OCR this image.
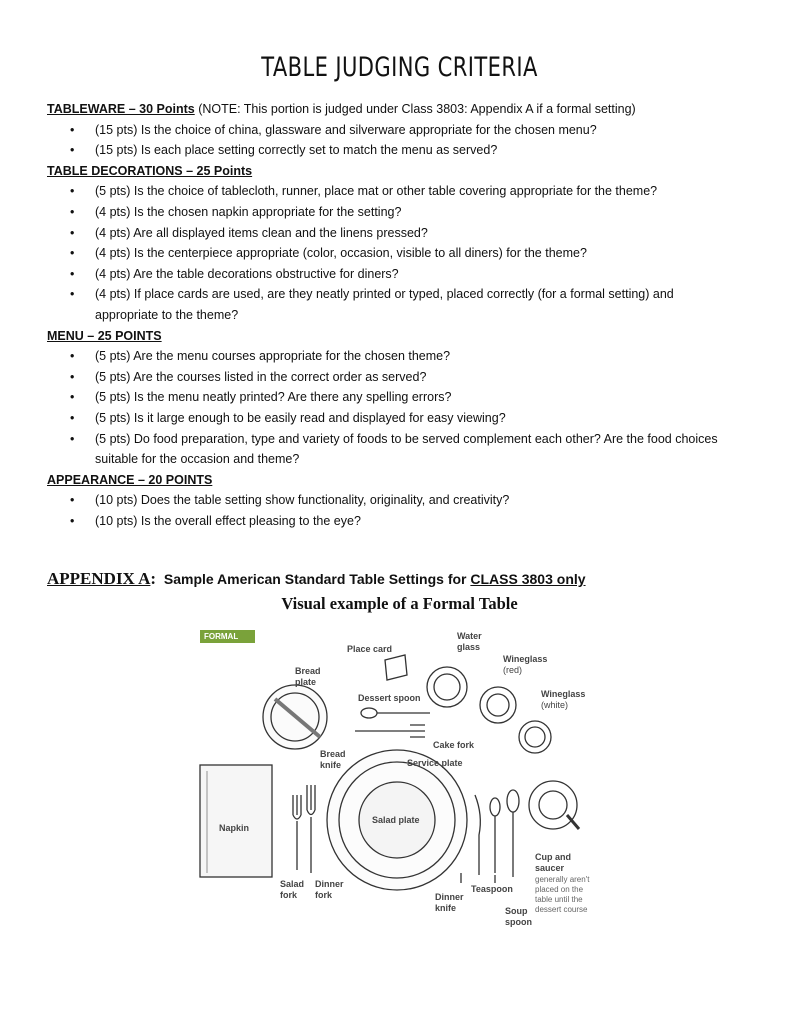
TABLE JUDGING CRITERIA

TABLEWARE – 30 Points (NOTE: This portion is judged under Class 3803: Appendix A if a formal setting)

• (15 pts) Is the choice of china, glassware and silverware appropriate for the chosen menu?
• (15 pts) Is each place setting correctly set to match the menu as served?

TABLE DECORATIONS – 25 Points

• (5 pts) Is the choice of tablecloth, runner, place mat or other table covering appropriate for the theme?
• (4 pts) Is the chosen napkin appropriate for the setting?
• (4 pts) Are all displayed items clean and the linens pressed?
• (4 pts) Is the centerpiece appropriate (color, occasion, visible to all diners) for the theme?
• (4 pts) Are the table decorations obstructive for diners?
• (4 pts) If place cards are used, are they neatly printed or typed, placed correctly (for a formal setting) and appropriate to the theme?

MENU – 25 POINTS

• (5 pts) Are the menu courses appropriate for the chosen theme?
• (5 pts) Are the courses listed in the correct order as served?
• (5 pts) Is the menu neatly printed? Are there any spelling errors?
• (5 pts) Is it large enough to be easily read and displayed for easy viewing?
• (5 pts) Do food preparation, type and variety of foods to be served complement each other? Are the food choices suitable for the occasion and theme?

APPEARANCE – 20 POINTS

• (10 pts) Does the table setting show functionality, originality, and creativity?
• (10 pts) Is the overall effect pleasing to the eye?
APPENDIX A:  Sample American Standard Table Settings for CLASS 3803 only
Visual example of a Formal Table
FORMAL
Place card
Water
glass
Bread
plate
Wineglass
(red)
Wineglass
(white)
Dessert spoon
Cake fork
Bread
knife	Service plate
Napkin
Salad plate
Cup and
saucer
generally aren't
placed on the
table until the
dessert course
Salad
fork
Dinner
fork
Teaspoon
Dinner
knife	Soup
spoon
